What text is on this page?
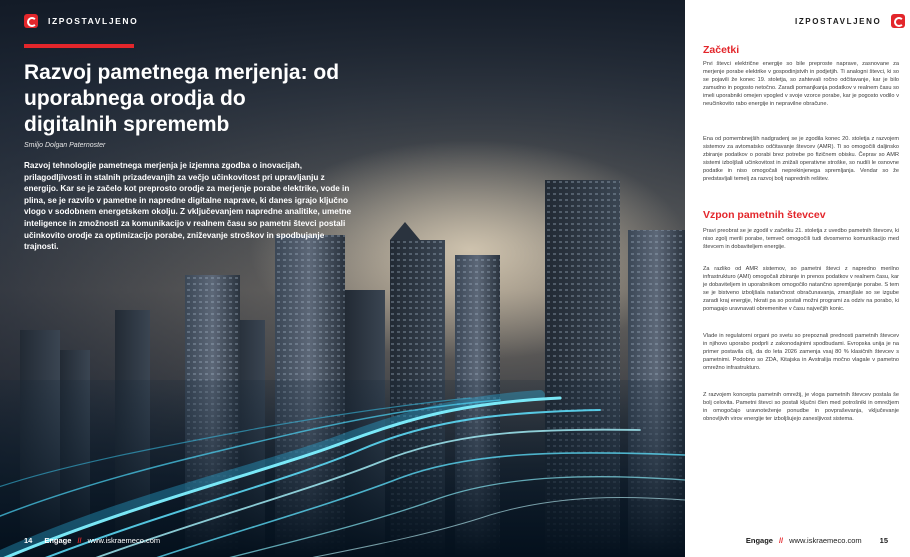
IZPOSTAVLJENO
Razvoj pametnega merjenja: od uporabnega orodja do digitalnih sprememb
Smiljo Dolgan Paternoster

Razvoj tehnologije pametnega merjenja je izjemna zgodba o inovacijah, prilagodljivosti in stalnih prizadevanjih za večjo učinkovitost pri upravljanju z energijo. Kar se je začelo kot preprosto orodje za merjenje porabe elektrike, vode in plina, se je razvilo v pametne in napredne digitalne naprave, ki danes igrajo ključno vlogo v sodobnem energetskem okolju. Z vključevanjem napredne analitike, umetne inteligence in zmožnosti za komunikacijo v realnem času so pametni števci postali učinkovito orodje za optimizacijo porabe, zniževanje stroškov in spodbujanje trajnosti.

14 Engage // www.iskraemeco.com
IZPOSTAVLJENO
Začetki

Prvi števci električne energije so bile preproste naprave, zasnovane za merjenje porabe elektrike v gospodinjstvih in podjetjih. Ti analogni števci, ki so se pojavili že konec 19. stoletja, so zahtevali ročno odčitavanje, kar je bilo zamudno in pogosto netočno. Zaradi pomanjkanja podatkov v realnem času so imeli uporabniki omejen vpogled v svoje vzorce porabe, kar je pogosto vodilo v neučinkovito rabo energije in nepravilne obračune.

Ena od pomembnejših nadgradenj se je zgodila konec 20. stoletja z razvojem sistemov za avtomatsko odčitavanje števcev (AMR). Ti so omogočili daljinsko zbiranje podatkov o porabi brez potrebe po fizičnem obisku. Čeprav so AMR sistemi izboljšali učinkovitost in znižali operativne stroške, so nudili le osnovne podatke in niso omogočali neprekinjenega spremljanja. Vendar so že predstavljali temelj za razvoj bolj naprednih rešitev.

Vzpon pametnih števcev

Pravi preobrat se je zgodil v začetku 21. stoletja z uvedbo pametnih števcev, ki niso zgolj merili porabe, temveč omogočili tudi dvosmerno komunikacijo med števcem in dobaviteljem energije.

Za razliko od AMR sistemov, so pametni števci z napredno merilno infrastrukturo (AMI) omogočali zbiranje in prenos podatkov v realnem času, kar je dobaviteljem in uporabnikom omogočilo natančno spremljanje porabe. S tem se je bistveno izboljšala natančnost obračunavanja, zmanjšale so se izgube zaradi kraj energije, hkrati pa so postali možni programi za odziv na porabo, ki pomagajo uravnavati obremenitve v času največjih konic.

Vlade in regulatorni organi po svetu so prepoznali prednosti pametnih števcev in njihovo uporabo podprli z zakonodajnimi spodbudami. Evropska unija je na primer postavila cilj, da do leta 2026 zamenja vsaj 80 % klasičnih števcev s pametnimi. Podobno so ZDA, Kitajska in Avstralija močno vlagale v pametno omrežno infrastrukturo.

Z razvojem koncepta pametnih omrežij, je vloga pametnih števcev postala še bolj celovita. Pametni števci so postali ključni člen med potrošniki in omrežjem in omogočajo uravnoteženje ponudbe in povpraševanja, vključevanje obnovljivih virov energije ter izboljšujejo zanesljivost sistema.

Engage // www.iskraemeco.com 15
